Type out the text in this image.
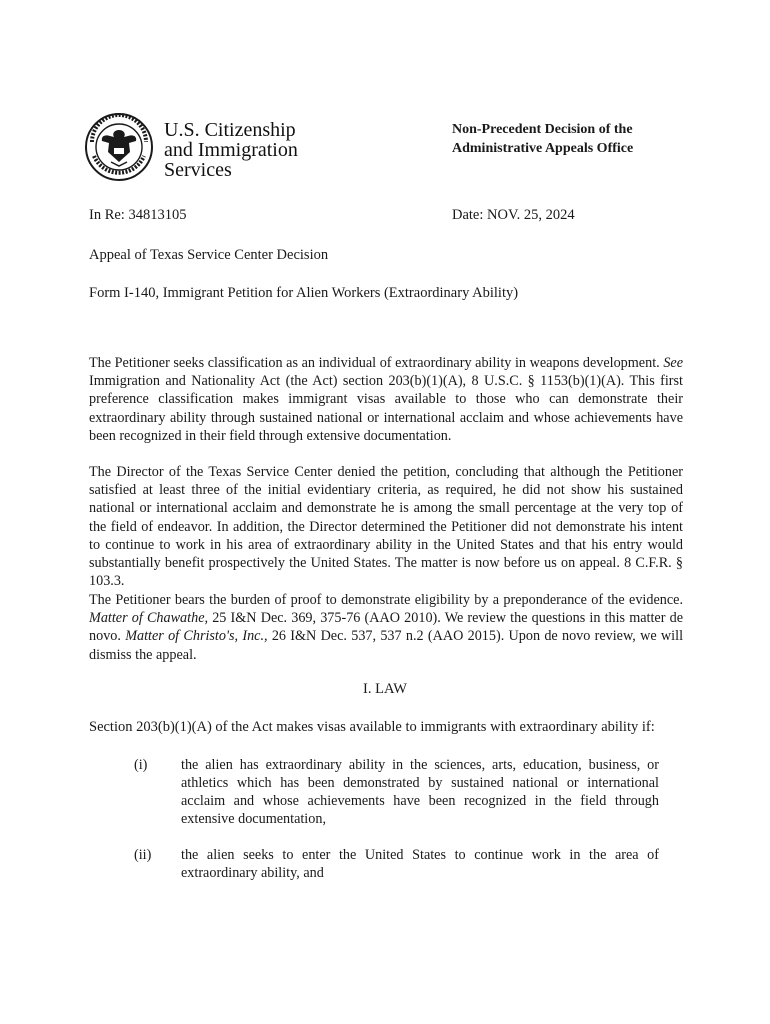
U.S. Citizenship
and Immigration
Services
Non-Precedent Decision of the
Administrative Appeals Office
In Re: 34813105	Date: NOV. 25, 2024
Appeal of Texas Service Center Decision
Form I-140, Immigrant Petition for Alien Workers (Extraordinary Ability)

The Petitioner seeks classification as an individual of extraordinary ability in weapons development. See Immigration and Nationality Act (the Act) section 203(b)(1)(A), 8 U.S.C. § 1153(b)(1)(A). This first preference classification makes immigrant visas available to those who can demonstrate their extraordinary ability through sustained national or international acclaim and whose achievements have been recognized in their field through extensive documentation.

The Director of the Texas Service Center denied the petition, concluding that although the Petitioner satisfied at least three of the initial evidentiary criteria, as required, he did not show his sustained national or international acclaim and demonstrate he is among the small percentage at the very top of the field of endeavor. In addition, the Director determined the Petitioner did not demonstrate his intent to continue to work in his area of extraordinary ability in the United States and that his entry would substantially benefit prospectively the United States. The matter is now before us on appeal. 8 C.F.R. § 103.3.

The Petitioner bears the burden of proof to demonstrate eligibility by a preponderance of the evidence. Matter of Chawathe, 25 I&N Dec. 369, 375-76 (AAO 2010). We review the questions in this matter de novo. Matter of Christo's, Inc., 26 I&N Dec. 537, 537 n.2 (AAO 2015). Upon de novo review, we will dismiss the appeal.

I. LAW
Section 203(b)(1)(A) of the Act makes visas available to immigrants with extraordinary ability if:
(i) the alien has extraordinary ability in the sciences, arts, education, business, or athletics which has been demonstrated by sustained national or international acclaim and whose achievements have been recognized in the field through extensive documentation,

(ii) the alien seeks to enter the United States to continue work in the area of extraordinary ability, and
